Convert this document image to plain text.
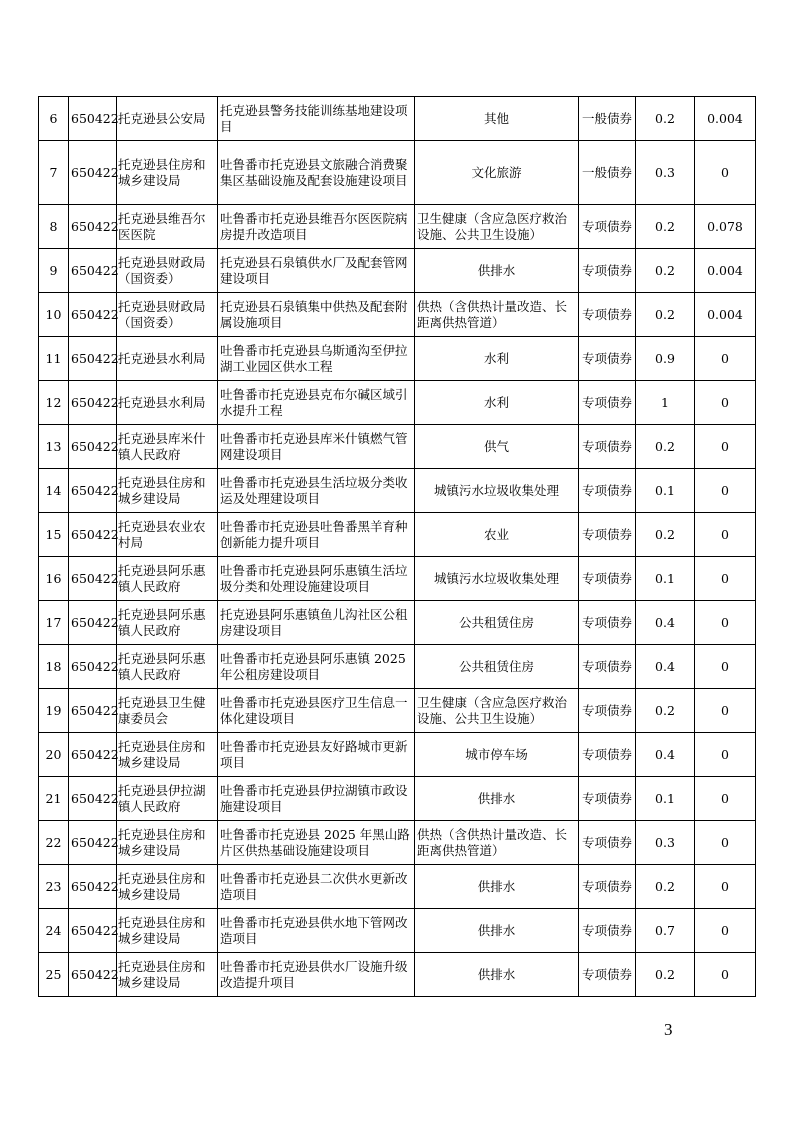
6	650422	托克逊县公安局	托克逊县警务技能训练基地建设项目	其他	一般债券	0.2	0.004
7	650422	托克逊县住房和城乡建设局	吐鲁番市托克逊县文旅融合消费聚集区基础设施及配套设施建设项目	文化旅游	一般债券	0.3	0
8	650422	托克逊县维吾尔医医院	吐鲁番市托克逊县维吾尔医医院病房提升改造项目	卫生健康（含应急医疗救治设施、公共卫生设施）	专项债券	0.2	0.078
9	650422	托克逊县财政局（国资委）	托克逊县石泉镇供水厂及配套管网建设项目	供排水	专项债券	0.2	0.004
10	650422	托克逊县财政局（国资委）	托克逊县石泉镇集中供热及配套附属设施项目	供热（含供热计量改造、长距离供热管道）	专项债券	0.2	0.004
11	650422	托克逊县水利局	吐鲁番市托克逊县乌斯通沟至伊拉湖工业园区供水工程	水利	专项债券	0.9	0
12	650422	托克逊县水利局	吐鲁番市托克逊县克布尔碱区域引水提升工程	水利	专项债券	1	0
13	650422	托克逊县库米什镇人民政府	吐鲁番市托克逊县库米什镇燃气管网建设项目	供气	专项债券	0.2	0
14	650422	托克逊县住房和城乡建设局	吐鲁番市托克逊县生活垃圾分类收运及处理建设项目	城镇污水垃圾收集处理	专项债券	0.1	0
15	650422	托克逊县农业农村局	吐鲁番市托克逊县吐鲁番黑羊育种创新能力提升项目	农业	专项债券	0.2	0
16	650422	托克逊县阿乐惠镇人民政府	吐鲁番市托克逊县阿乐惠镇生活垃圾分类和处理设施建设项目	城镇污水垃圾收集处理	专项债券	0.1	0
17	650422	托克逊县阿乐惠镇人民政府	托克逊县阿乐惠镇鱼儿沟社区公租房建设项目	公共租赁住房	专项债券	0.4	0
18	650422	托克逊县阿乐惠镇人民政府	吐鲁番市托克逊县阿乐惠镇 2025 年公租房建设项目	公共租赁住房	专项债券	0.4	0
19	650422	托克逊县卫生健康委员会	吐鲁番市托克逊县医疗卫生信息一体化建设项目	卫生健康（含应急医疗救治设施、公共卫生设施）	专项债券	0.2	0
20	650422	托克逊县住房和城乡建设局	吐鲁番市托克逊县友好路城市更新项目	城市停车场	专项债券	0.4	0
21	650422	托克逊县伊拉湖镇人民政府	吐鲁番市托克逊县伊拉湖镇市政设施建设项目	供排水	专项债券	0.1	0
22	650422	托克逊县住房和城乡建设局	吐鲁番市托克逊县 2025 年黑山路片区供热基础设施建设项目	供热（含供热计量改造、长距离供热管道）	专项债券	0.3	0
23	650422	托克逊县住房和城乡建设局	吐鲁番市托克逊县二次供水更新改造项目	供排水	专项债券	0.2	0
24	650422	托克逊县住房和城乡建设局	吐鲁番市托克逊县供水地下管网改造项目	供排水	专项债券	0.7	0
25	650422	托克逊县住房和城乡建设局	吐鲁番市托克逊县供水厂设施升级改造提升项目	供排水	专项债券	0.2	0
3
